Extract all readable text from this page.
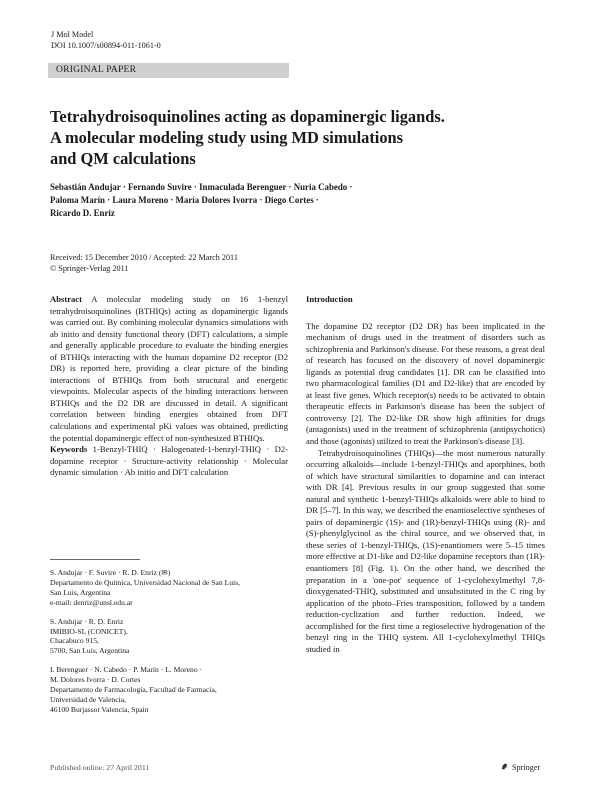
J Mol Model
DOI 10.1007/s00894-011-1061-0
ORIGINAL PAPER
Tetrahydroisoquinolines acting as dopaminergic ligands.
A molecular modeling study using MD simulations
and QM calculations
Sebastián Andujar · Fernando Suvire · Inmaculada Berenguer · Nuria Cabedo ·
Paloma Marín · Laura Moreno · María Dolores Ivorra · Diego Cortes ·
Ricardo D. Enriz
Received: 15 December 2010 / Accepted: 22 March 2011
© Springer-Verlag 2011

Abstract A molecular modeling study on 16 1-benzyl tetrahydroisoquinolines (BTHIQs) acting as dopaminergic ligands was carried out. By combining molecular dynamics simulations with ab initio and density functional theory (DFT) calculations, a simple and generally applicable procedure to evaluate the binding energies of BTHIQs interacting with the human dopamine D2 receptor (D2 DR) is reported here, providing a clear picture of the binding interactions of BTHIQs from both structural and energetic viewpoints. Molecular aspects of the binding interactions between BTHIQs and the D2 DR are discussed in detail. A significant correlation between binding energies obtained from DFT calculations and experimental pKi values was obtained, predicting the potential dopaminergic effect of non-synthesized BTHIQs.

Keywords 1-Benzyl-THIQ · Halogenated-1-benzyl-THIQ · D2-dopamine receptor · Structure-activity relationship · Molecular dynamic simulation · Ab initio and DFT calculation

S. Andujar · F. Suvire · R. D. Enriz (✉)
Departamento de Química, Universidad Nacional de San Luis,
San Luis, Argentina
e-mail: denriz@unsl.edu.ar
S. Andujar · R. D. Enriz
IMIBIO-SL (CONICET),
Chacabuco 915,
5700, San Luis, Argentina
I. Berenguer · N. Cabedo · P. Marín · L. Moreno ·
M. Dolores Ivorra · D. Cortes
Departamento de Farmacología, Facultad de Farmacia,
Universidad de Valencia,
46100 Burjassot Valencia, Spain

Introduction

The dopamine D2 receptor (D2 DR) has been implicated in the mechanism of drugs used in the treatment of disorders such as schizophrenia and Parkinson's disease. For these reasons, a great deal of research has focused on the discovery of novel dopaminergic ligands as potential drug candidates [1]. DR can be classified into two pharmacological families (D1 and D2-like) that are encoded by at least five genes. Which receptor(s) needs to be activated to obtain therapeutic effects in Parkinson's disease has been the subject of controversy [2]. The D2-like DR show high affinities for drugs (antagonists) used in the treatment of schizophrenia (antipsychotics) and those (agonists) utilized to treat the Parkinson's disease [3].

Tetrahydroisoquinolines (THIQs)—the most numerous naturally occurring alkaloids—include 1-benzyl-THIQs and aporphines, both of which have structural similarities to dopamine and can interact with DR [4]. Previous results in our group suggested that some natural and synthetic 1-benzyl-THIQs alkaloids were able to bind to DR [5–7]. In this way, we described the enantioselective syntheses of pairs of dopaminergic (1S)- and (1R)-benzyl-THIQs using (R)- and (S)-phenylglycinol as the chiral source, and we observed that, in these series of 1-benzyl-THIQs, (1S)-enantiomers were 5–15 times more effective at D1-like and D2-like dopamine receptors than (1R)-enantiomers [8] (Fig. 1). On the other hand, we described the preparation in a 'one-pot' sequence of 1-cyclohexylmethyl 7,8-dioxygenated-THIQ, substituted and unsubstituted in the C ring by application of the photo–Fries transposition, followed by a tandem reduction-cyclization and further reduction. Indeed, we accomplished for the first time a regioselective hydrogenation of the benzyl ring in the THIQ system. All 1-cyclohexylmethyl THIQs studied in

Published online: 27 April 2011	Springer
